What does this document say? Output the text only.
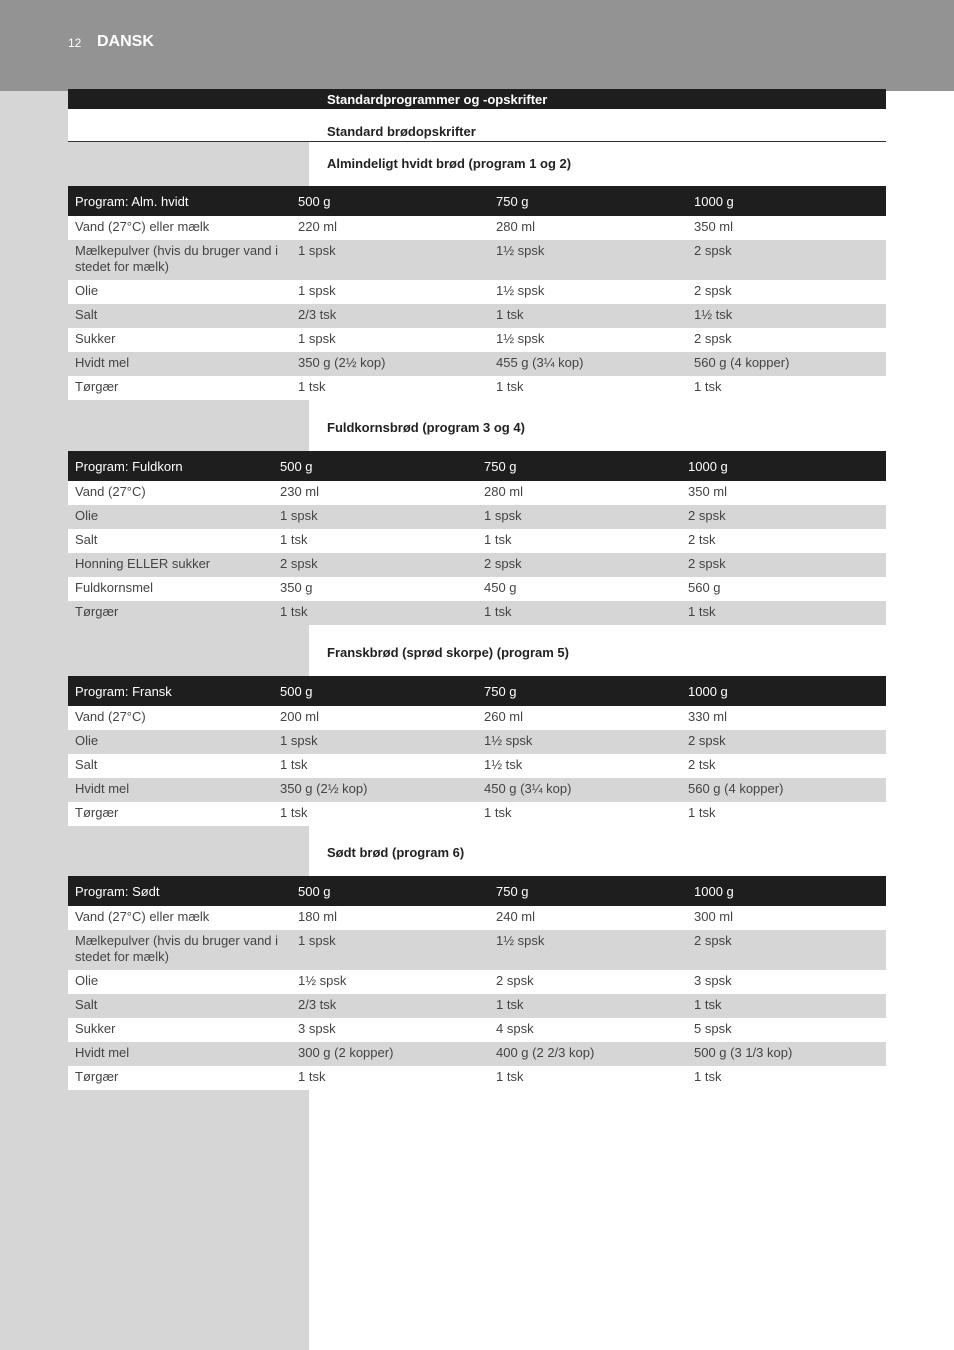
12 DANSK
Standardprogrammer og -opskrifter
Standard brødopskrifter
Almindeligt hvidt brød (program 1 og 2)
Program: Alm. hvidt	500 g	750 g	1000 g
Vand (27°C) eller mælk	220 ml	280 ml	350 ml
Mælkepulver (hvis du bruger vand i stedet for mælk)	1 spsk	1½ spsk	2 spsk
Olie	1 spsk	1½ spsk	2 spsk
Salt	2/3 tsk	1 tsk	1½ tsk
Sukker	1 spsk	1½ spsk	2 spsk
Hvidt mel	350 g (2½ kop)	455 g (3¼ kop)	560 g (4 kopper)
Tørgær	1 tsk	1 tsk	1 tsk
Fuldkornsbrød (program 3 og 4)
Program: Fuldkorn	500 g	750 g	1000 g
Vand (27°C)	230 ml	280 ml	350 ml
Olie	1 spsk	1 spsk	2 spsk
Salt	1 tsk	1 tsk	2 tsk
Honning ELLER sukker	2 spsk	2 spsk	2 spsk
Fuldkornsmel	350 g	450 g	560 g
Tørgær	1 tsk	1 tsk	1 tsk
Franskbrød (sprød skorpe) (program 5)
Program: Fransk	500 g	750 g	1000 g
Vand (27°C)	200 ml	260 ml	330 ml
Olie	1 spsk	1½ spsk	2 spsk
Salt	1 tsk	1½ tsk	2 tsk
Hvidt mel	350 g (2½ kop)	450 g (3¼ kop)	560 g (4 kopper)
Tørgær	1 tsk	1 tsk	1 tsk
Sødt brød (program 6)
Program: Sødt	500 g	750 g	1000 g
Vand (27°C) eller mælk	180 ml	240 ml	300 ml
Mælkepulver (hvis du bruger vand i stedet for mælk)	1 spsk	1½ spsk	2 spsk
Olie	1½ spsk	2 spsk	3 spsk
Salt	2/3 tsk	1 tsk	1 tsk
Sukker	3 spsk	4 spsk	5 spsk
Hvidt mel	300 g (2 kopper)	400 g (2 2/3 kop)	500 g (3 1/3 kop)
Tørgær	1 tsk	1 tsk	1 tsk
